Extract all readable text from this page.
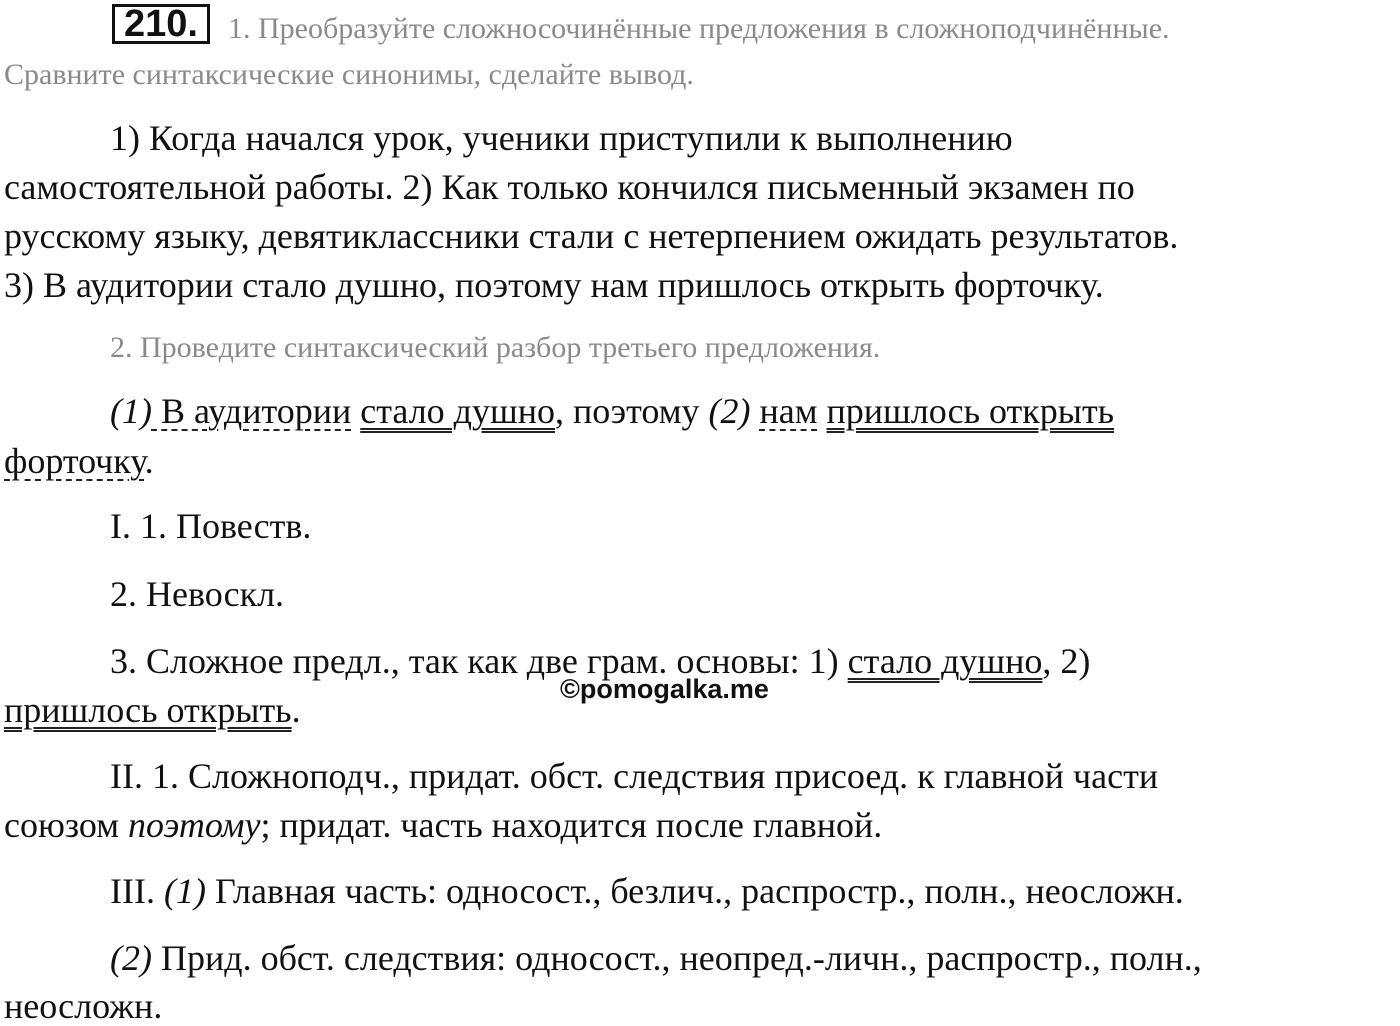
210.	1. Преобразуйте сложносочинённые предложения в сложноподчинённые.
Сравните синтаксические синонимы, сделайте вывод.
1) Когда начался урок, ученики приступили к выполнению
самостоятельной работы. 2) Как только кончился письменный экзамен по
русскому языку, девятиклассники стали с нетерпением ожидать результатов.
3) В аудитории стало душно, поэтому нам пришлось открыть форточку.
2. Проведите синтаксический разбор третьего предложения.
(1) В аудитории стало душно, поэтому (2) нам пришлось открыть
форточку.
I. 1. Повеств.
2. Невоскл.
3. Сложное предл., так как две грам. основы: 1) стало душно, 2)
пришлось открыть.
©pomogalka.me
II. 1. Сложноподч., придат. обст. следствия присоед. к главной части
союзом поэтому; придат. часть находится после главной.
III. (1) Главная часть: односост., безлич., распростр., полн., неосложн.
(2) Прид. обст. следствия: односост., неопред.-личн., распростр., полн.,
неосложн.
